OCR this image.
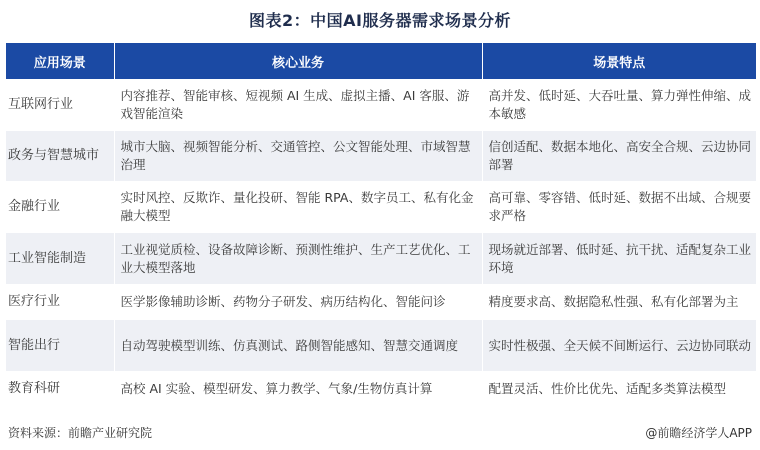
图表2：中国AI服务器需求场景分析
应用场景	核心业务	场景特点
互联网行业	内容推荐、智能审核、短视频 AI 生成、虚拟主播、AI 客服、游戏智能渲染	高并发、低时延、大吞吐量、算力弹性伸缩、成本敏感
政务与智慧城市	城市大脑、视频智能分析、交通管控、公文智能处理、市域智慧治理	信创适配、数据本地化、高安全合规、云边协同部署
金融行业	实时风控、反欺诈、量化投研、智能 RPA、数字员工、私有化金融大模型	高可靠、零容错、低时延、数据不出域、合规要求严格
工业智能制造	工业视觉质检、设备故障诊断、预测性维护、生产工艺优化、工业大模型落地	现场就近部署、低时延、抗干扰、适配复杂工业环境
医疗行业	医学影像辅助诊断、药物分子研发、病历结构化、智能问诊	精度要求高、数据隐私性强、私有化部署为主
智能出行	自动驾驶模型训练、仿真测试、路侧智能感知、智慧交通调度	实时性极强、全天候不间断运行、云边协同联动
教育科研	高校 AI 实验、模型研发、算力教学、气象/生物仿真计算	配置灵活、性价比优先、适配多类算法模型
资料来源：前瞻产业研究院	@前瞻经济学人APP
